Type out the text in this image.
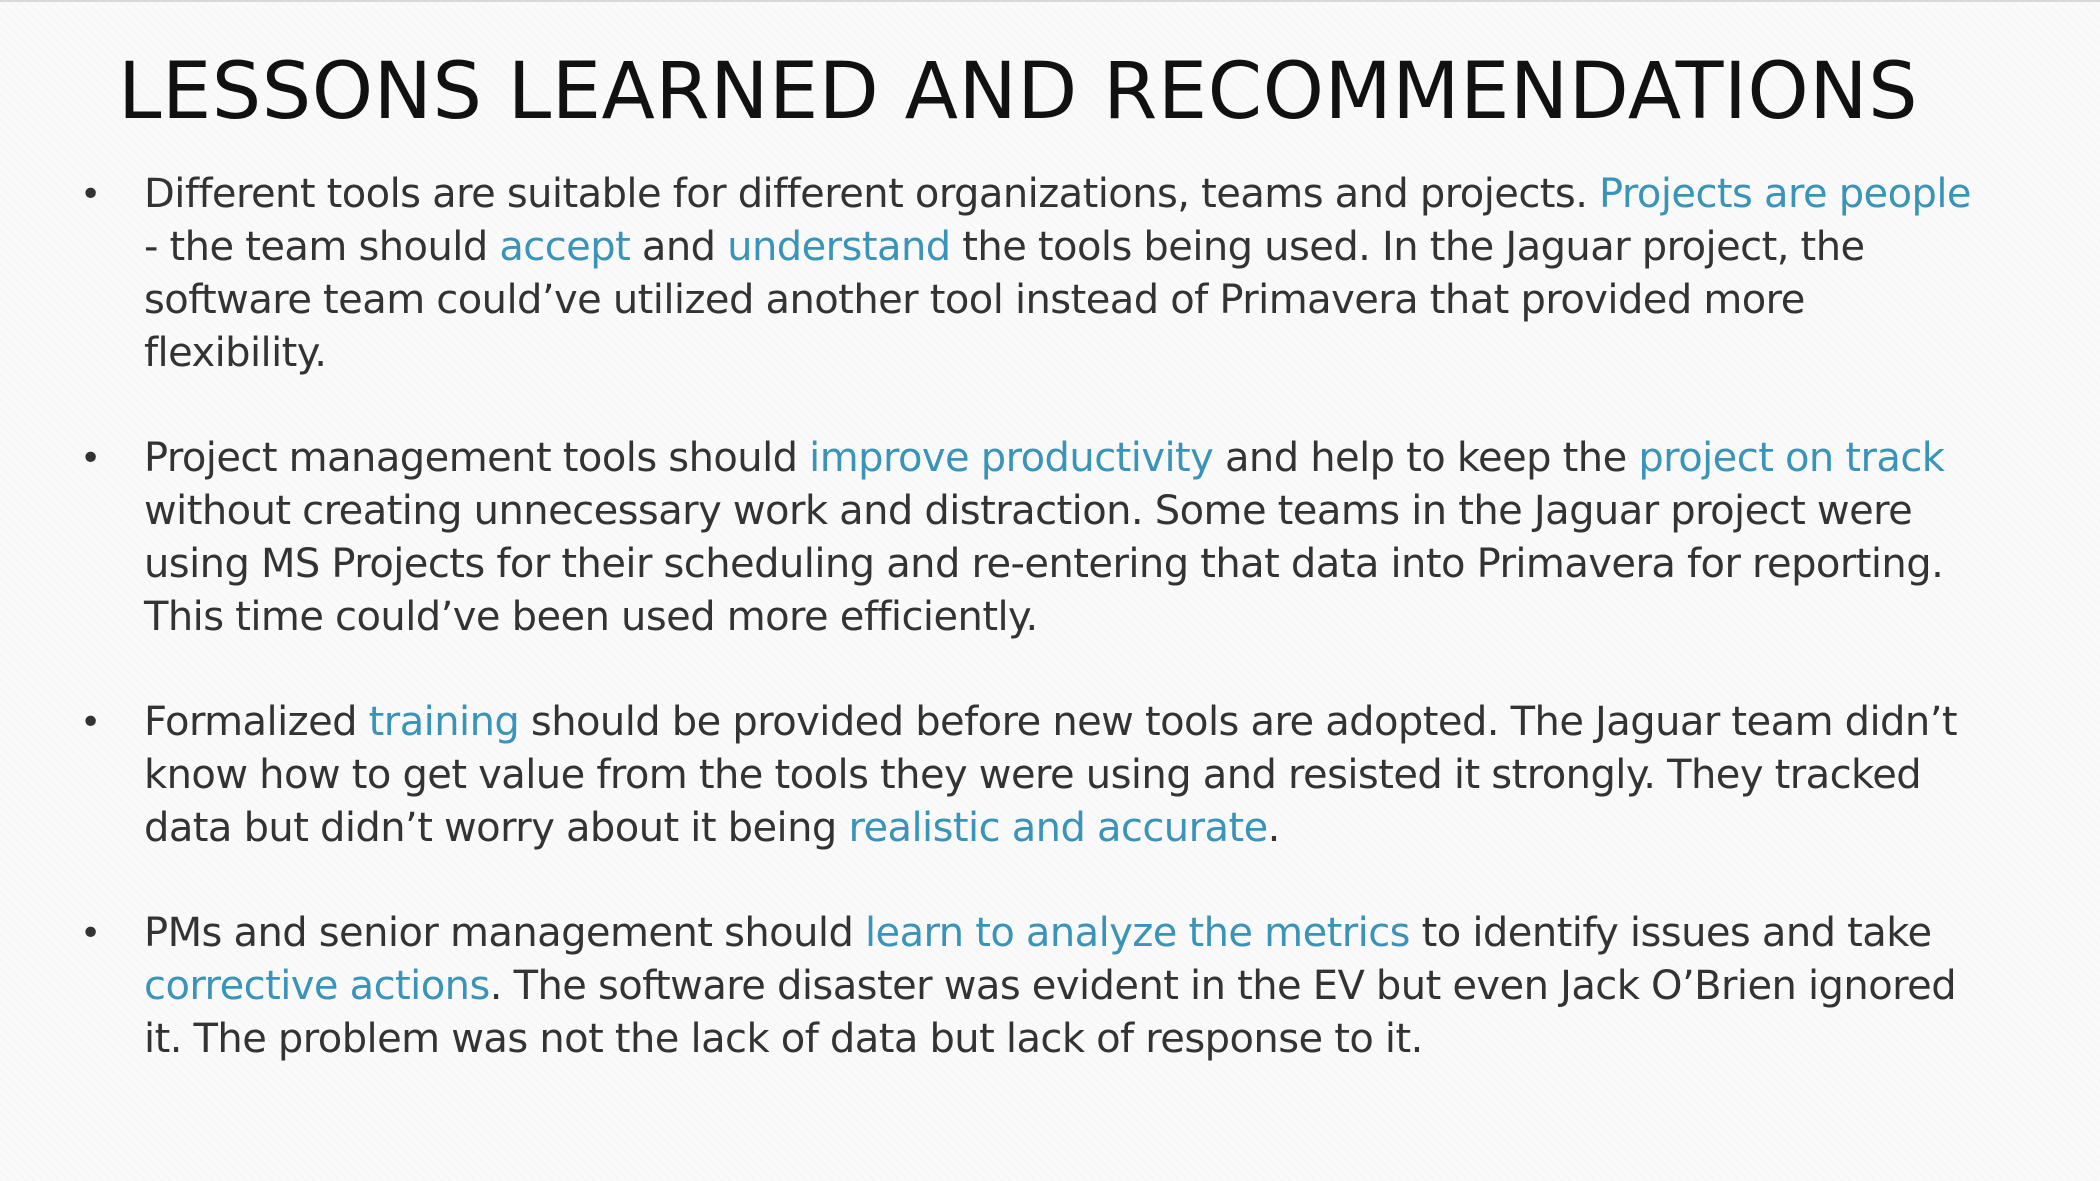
LESSONS LEARNED AND RECOMMENDATIONS
• Different tools are suitable for different organizations, teams and projects. Projects are people - the team should accept and understand the tools being used. In the Jaguar project, the software team could’ve utilized another tool instead of Primavera that provided more flexibility.
• Project management tools should improve productivity and help to keep the project on track without creating unnecessary work and distraction. Some teams in the Jaguar project were using MS Projects for their scheduling and re-entering that data into Primavera for reporting. This time could’ve been used more efficiently.
• Formalized training should be provided before new tools are adopted. The Jaguar team didn’t know how to get value from the tools they were using and resisted it strongly. They tracked data but didn’t worry about it being realistic and accurate.
• PMs and senior management should learn to analyze the metrics to identify issues and take corrective actions. The software disaster was evident in the EV but even Jack O’Brien ignored it. The problem was not the lack of data but lack of response to it.
